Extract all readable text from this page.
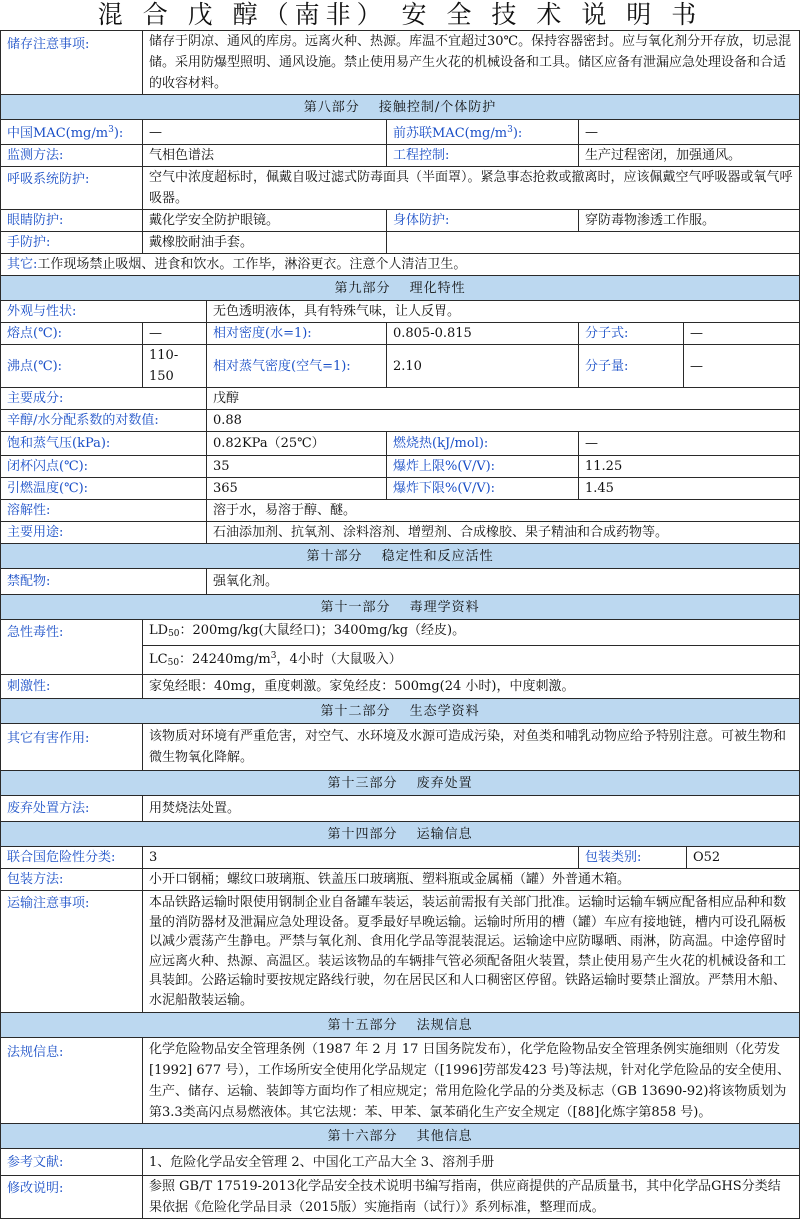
混 合 戊 醇（南非） 安 全 技 术 说 明 书
储存注意事项:	储存于阴凉、通风的库房。远离火种、热源。库温不宜超过30℃。保持容器密封。应与氧化剂分开存放，切忌混储。采用防爆型照明、通风设施。禁止使用易产生火花的机械设备和工具。储区应备有泄漏应急处理设备和合适的收容材料。
第八部分　 接触控制/个体防护
中国$MAC(mg/m^3)$:	—	前苏联$MAC(mg/m^3)$:	—
监测方法:	气相色谱法	工程控制:	生产过程密闭，加强通风。
呼吸系统防护:	空气中浓度超标时，佩戴自吸过滤式防毒面具（半面罩）。紧急事态抢救或撤离时，应该佩戴空气呼吸器或氧气呼吸器。
眼睛防护:	戴化学安全防护眼镜。	身体防护:	穿防毒物渗透工作服。
手防护:	戴橡胶耐油手套。	
其它:工作现场禁止吸烟、进食和饮水。工作毕，淋浴更衣。注意个人清洁卫生。
第九部分　 理化特性
外观与性状:	无色透明液体，具有特殊气味，让人反胃。
熔点(℃):	—	相对密度(水=1):	0.805-0.815	分子式:	—
沸点(℃):	110-150	相对蒸气密度(空气=1):	2.10	分子量:	—
主要成分:	戊醇
辛醇/水分配系数的对数值:	0.88
饱和蒸气压(kPa):	0.82KPa（25℃）	燃烧热(kJ/mol):	—
闭杯闪点(℃):	35	爆炸上限%(V/V):	11.25
引燃温度(℃):	365	爆炸下限%(V/V):	1.45
溶解性:	溶于水，易溶于醇、醚。
主要用途:	石油添加剂、抗氧剂、涂料溶剂、增塑剂、合成橡胶、果子精油和合成药物等。
第十部分　 稳定性和反应活性
禁配物:	强氧化剂。
第十一部分　 毒理学资料
急性毒性:	$LD_{50}$：200mg/kg(大鼠经口)；3400mg/kg（经皮)。
$LC_{50}$：$24240mg/m^3$，4小时（大鼠吸入）
刺激性:	家兔经眼：40mg，重度刺激。家兔经皮：500mg(24 小时)，中度刺激。
第十二部分　 生态学资料
其它有害作用:	该物质对环境有严重危害，对空气、水环境及水源可造成污染，对鱼类和哺乳动物应给予特别注意。可被生物和微生物氧化降解。
第十三部分　 废弃处置
废弃处置方法:	用焚烧法处置。
第十四部分　 运输信息
联合国危险性分类:	3		包装类别:	O52

包装方法:	小开口钢桶；螺纹口玻璃瓶、铁盖压口玻璃瓶、塑料瓶或金属桶（罐）外普通木箱。
运输注意事项:	本品铁路运输时限使用钢制企业自备罐车装运，装运前需报有关部门批准。运输时运输车辆应配备相应品种和数量的消防器材及泄漏应急处理设备。夏季最好早晚运输。运输时所用的槽（罐）车应有接地链，槽内可设孔隔板以减少震荡产生静电。严禁与氧化剂、食用化学品等混装混运。运输途中应防曝晒、雨淋，防高温。中途停留时应远离火种、热源、高温区。装运该物品的车辆排气管必须配备阻火装置，禁止使用易产生火花的机械设备和工具装卸。公路运输时要按规定路线行驶，勿在居民区和人口稠密区停留。铁路运输时要禁止溜放。严禁用木船、水泥船散装运输。
第十五部分　 法规信息
法规信息:	化学危险物品安全管理条例（1987 年 2 月 17 日国务院发布），化学危险物品安全管理条例实施细则（化劳发[1992] 677 号），工作场所安全使用化学品规定（[1996]劳部发423 号)等法规，针对化学危险品的安全使用、生产、储存、运输、装卸等方面均作了相应规定；常用危险化学品的分类及标志（GB 13690-92)将该物质划为第3.3类高闪点易燃液体。其它法规：苯、甲苯、氯苯硝化生产安全规定（[88]化炼字第858 号)。
第十六部分　 其他信息
参考文献:	1、危险化学品安全管理 2、中国化工产品大全 3、溶剂手册
修改说明:	参照 GB/T 17519-2013化学品安全技术说明书编写指南，供应商提供的产品质量书，其中化学品GHS分类结果依据《危险化学品目录（2015版）实施指南（试行）》系列标准，整理而成。
